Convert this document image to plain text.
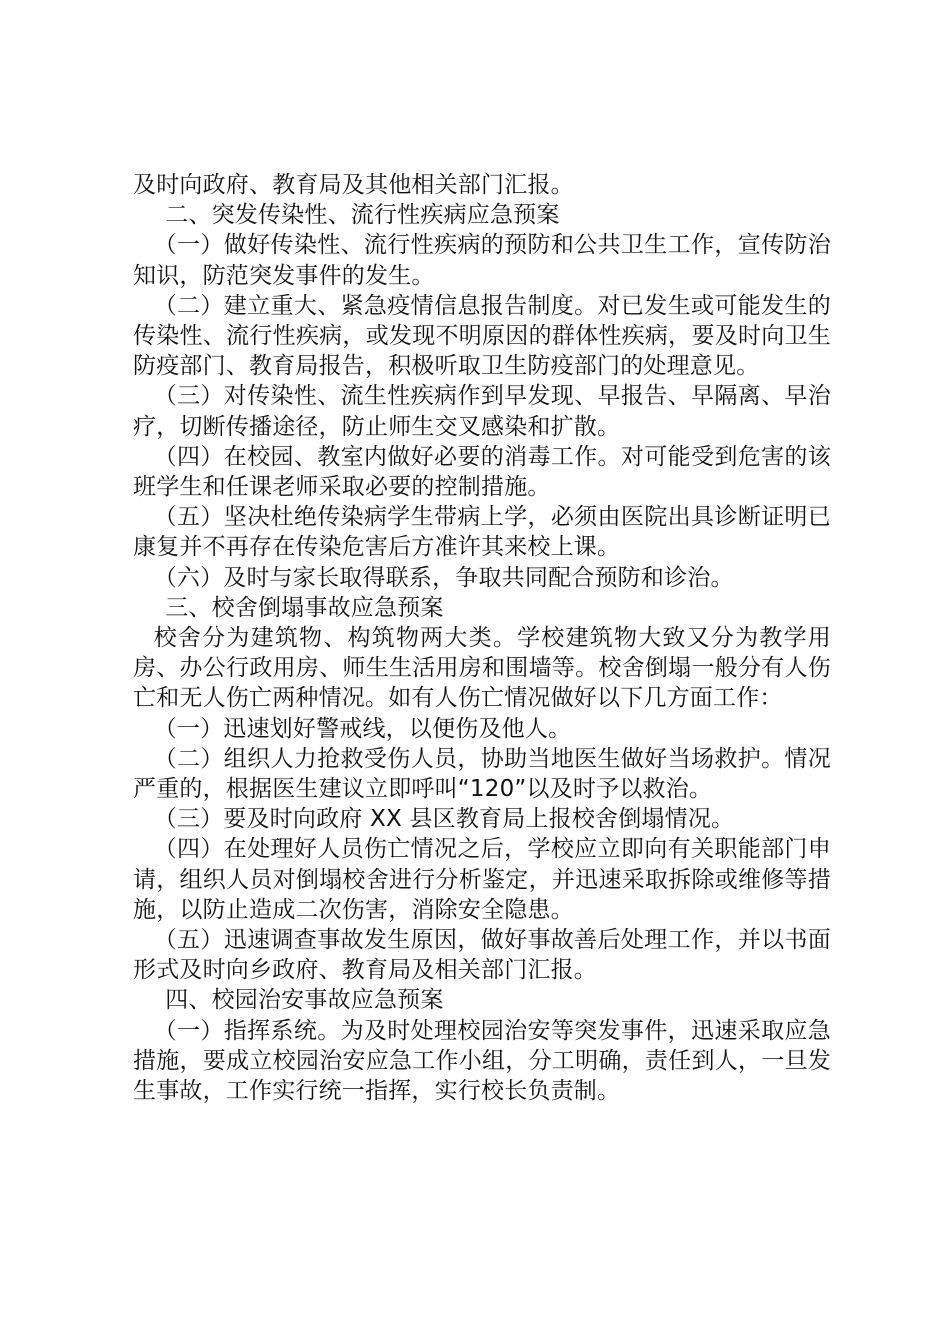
及时向政府、教育局及其他相关部门汇报。

二、突发传染性、流行性疾病应急预案

（一）做好传染性、流行性疾病的预防和公共卫生工作，宣传防治知识，防范突发事件的发生。

（二）建立重大、紧急疫情信息报告制度。对已发生或可能发生的传染性、流行性疾病，或发现不明原因的群体性疾病，要及时向卫生防疫部门、教育局报告，积极听取卫生防疫部门的处理意见。

（三）对传染性、流生性疾病作到早发现、早报告、早隔离、早治疗，切断传播途径，防止师生交叉感染和扩散。

（四）在校园、教室内做好必要的消毒工作。对可能受到危害的该班学生和任课老师采取必要的控制措施。

（五）坚决杜绝传染病学生带病上学，必须由医院出具诊断证明已康复并不再存在传染危害后方准许其来校上课。

（六）及时与家长取得联系，争取共同配合预防和诊治。

三、校舍倒塌事故应急预案

校舍分为建筑物、构筑物两大类。学校建筑物大致又分为教学用房、办公行政用房、师生生活用房和围墙等。校舍倒塌一般分有人伤亡和无人伤亡两种情况。如有人伤亡情况做好以下几方面工作：

（一）迅速划好警戒线，以便伤及他人。

（二）组织人力抢救受伤人员，协助当地医生做好当场救护。情况严重的，根据医生建议立即呼叫“120”以及时予以救治。

（三）要及时向政府 XX 县区教育局上报校舍倒塌情况。

（四）在处理好人员伤亡情况之后，学校应立即向有关职能部门申请，组织人员对倒塌校舍进行分析鉴定，并迅速采取拆除或维修等措施，以防止造成二次伤害，消除安全隐患。

（五）迅速调查事故发生原因，做好事故善后处理工作，并以书面形式及时向乡政府、教育局及相关部门汇报。

四、校园治安事故应急预案

（一）指挥系统。为及时处理校园治安等突发事件，迅速采取应急措施，要成立校园治安应急工作小组，分工明确，责任到人，一旦发生事故，工作实行统一指挥，实行校长负责制。
